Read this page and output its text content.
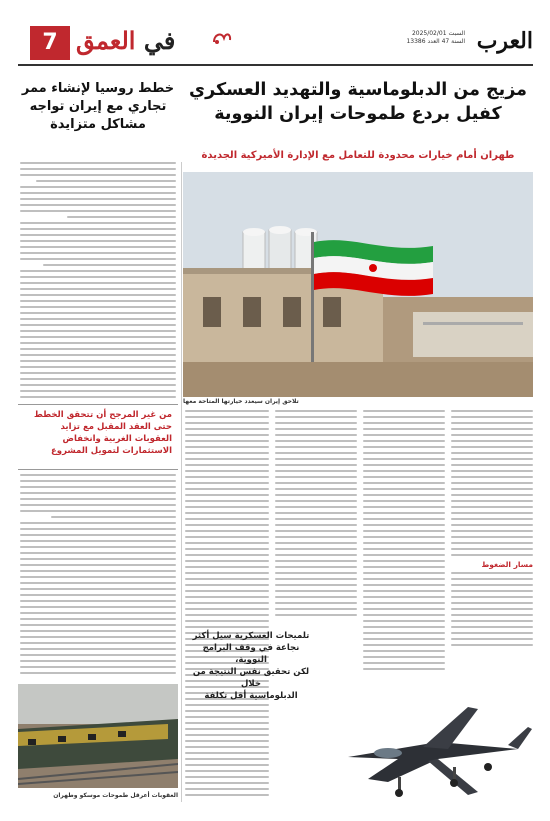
العرب
السبت 2025/02/01
السنة 47 العدد 13386
في العمق
7
مزيج من الدبلوماسية والتهديد العسكري كفيل بردع طموحات إيران النووية
طهران أمام خيارات محدودة للتعامل مع الإدارة الأميركية الجديدة
تلاحق إيران سيعدد خيارتها المتاحة معها
خطط روسيا لإنشاء ممر تجاري مع إيران تواجه مشاكل متزايدة
من غير المرجح أن تتحقق الخطط حتى العقد المقبل مع تزايد العقوبات الغربية وانخفاض الاستثمارات لتمويل المشروع
العقوبات أعرقل طموحات موسكو وطهران
مسار الضغوط
تلميحات العسكرية سيل أكثر
نجاعة في وقف البرامج النووية،
لكن تحقيق نفس النتيجة من خلال
الدبلوماسية أقل تكلفة
